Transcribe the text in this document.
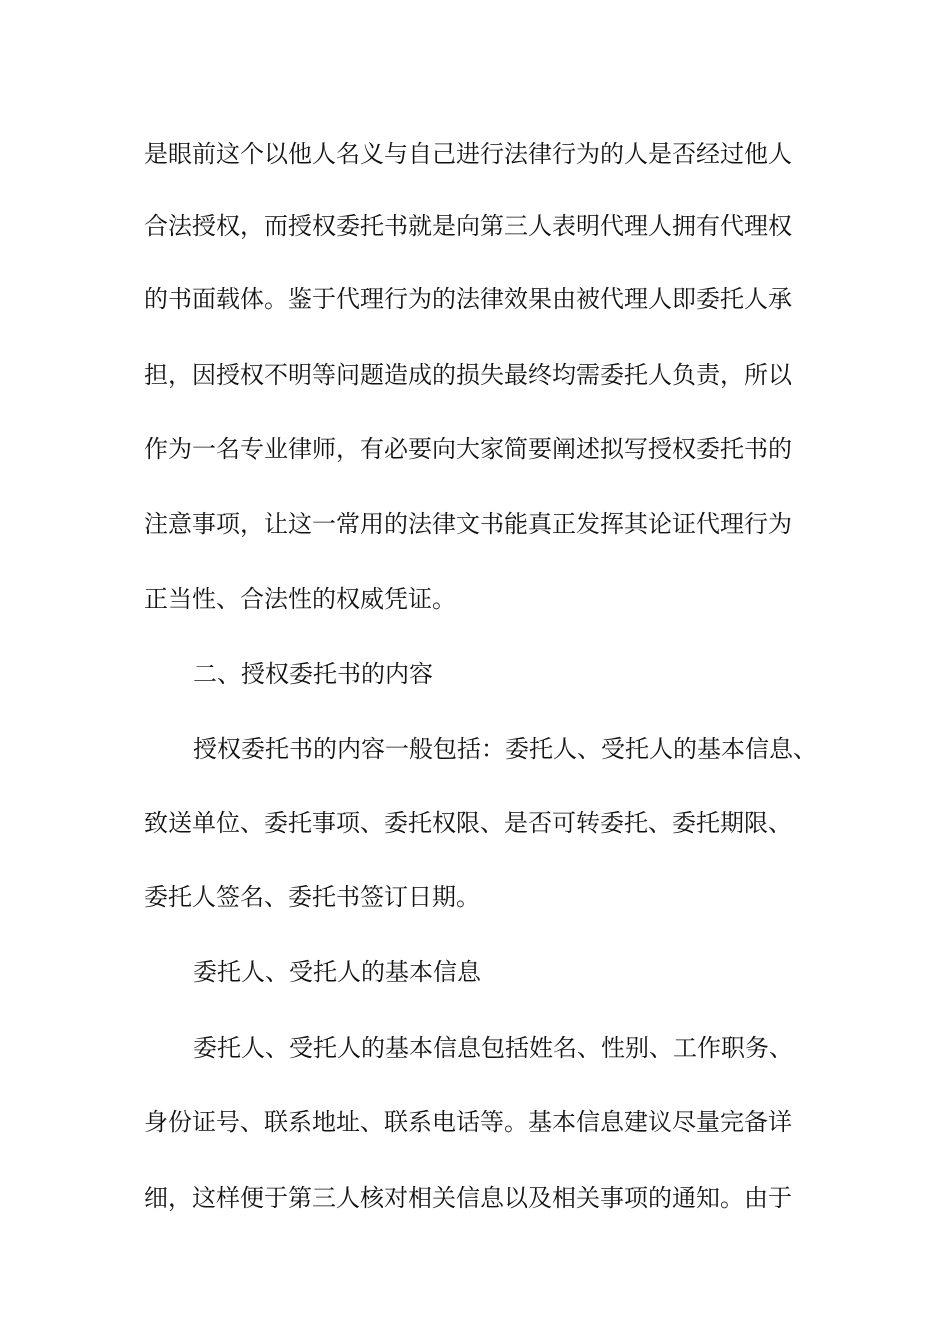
是眼前这个以他人名义与自己进行法律行为的人是否经过他人
合法授权，而授权委托书就是向第三人表明代理人拥有代理权
的书面载体。鉴于代理行为的法律效果由被代理人即委托人承
担，因授权不明等问题造成的损失最终均需委托人负责，所以
作为一名专业律师，有必要向大家简要阐述拟写授权委托书的
注意事项，让这一常用的法律文书能真正发挥其论证代理行为
正当性、合法性的权威凭证。
二、授权委托书的内容
授权委托书的内容一般包括：委托人、受托人的基本信息、
致送单位、委托事项、委托权限、是否可转委托、委托期限、
委托人签名、委托书签订日期。
委托人、受托人的基本信息
委托人、受托人的基本信息包括姓名、性别、工作职务、
身份证号、联系地址、联系电话等。基本信息建议尽量完备详
细，这样便于第三人核对相关信息以及相关事项的通知。由于
